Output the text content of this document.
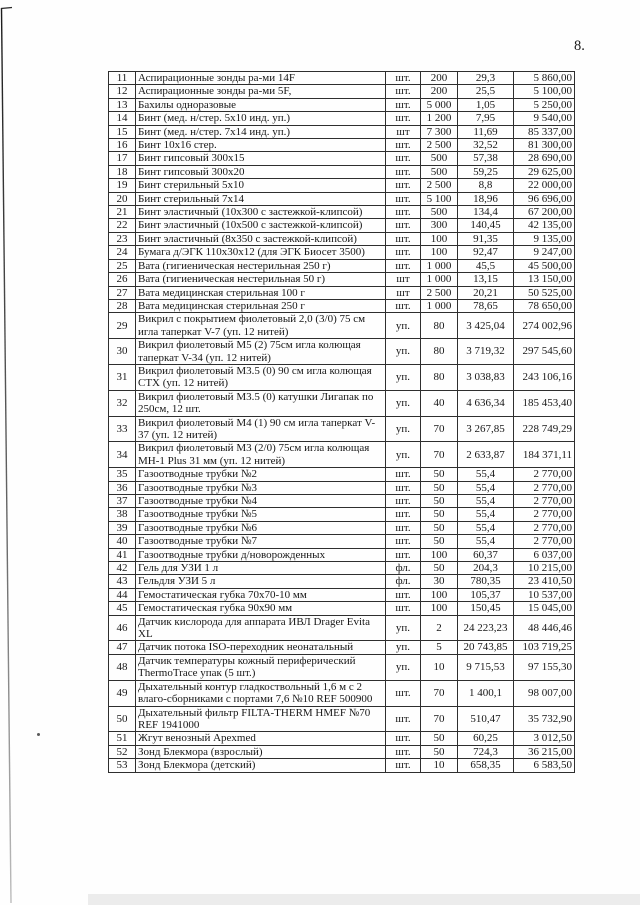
8.
11	Аспирационные зонды ра-ми 14F	шт.	200	29,3	5 860,00
12	Аспирационные зонды ра-ми 5F,	шт.	200	25,5	5 100,00
13	Бахилы одноразовые	шт.	5 000	1,05	5 250,00
14	Бинт (мед. н/стер. 5х10 инд. уп.)	шт.	1 200	7,95	9 540,00
15	Бинт (мед. н/стер. 7х14 инд. уп.)	шт	7 300	11,69	85 337,00
16	Бинт 10х16 стер.	шт.	2 500	32,52	81 300,00
17	Бинт гипсовый 300х15	шт.	500	57,38	28 690,00
18	Бинт гипсовый 300х20	шт.	500	59,25	29 625,00
19	Бинт стерильный 5х10	шт.	2 500	8,8	22 000,00
20	Бинт стерильный 7х14	шт.	5 100	18,96	96 696,00
21	Бинт эластичный (10х300 с застежкой-клипсой)	шт.	500	134,4	67 200,00
22	Бинт эластичный (10х500 с застежкой-клипсой)	шт.	300	140,45	42 135,00
23	Бинт эластичный (8х350 с застежкой-клипсой)	шт.	100	91,35	9 135,00
24	Бумага д/ЭГК 110х30х12 (для ЭГК Биосет 3500)	шт.	100	92,47	9 247,00
25	Вата (гигиеническая нестерильная 250 г)	шт.	1 000	45,5	45 500,00
26	Вата (гигиеническая нестерильная 50 г)	шт	1 000	13,15	13 150,00
27	Вата медицинская стерильная 100 г	шт	2 500	20,21	50 525,00
28	Вата медицинская стерильная 250 г	шт.	1 000	78,65	78 650,00
29	Викрил с покрытием фиолетовый 2,0 (3/0) 75 см игла таперкат V-7 (уп. 12 нитей)	уп.	80	3 425,04	274 002,96
30	Викрил фиолетовый М5 (2) 75см игла колющая таперкат V-34 (уп. 12 нитей)	уп.	80	3 719,32	297 545,60
31	Викрил фиолетовый М3.5 (0) 90 см игла колющая СТХ (уп. 12 нитей)	уп.	80	3 038,83	243 106,16
32	Викрил фиолетовый М3.5 (0) катушки Лигапак по 250см, 12 шт.	уп.	40	4 636,34	185 453,40
33	Викрил фиолетовый М4 (1) 90 см игла таперкат V-37 (уп. 12 нитей)	уп.	70	3 267,85	228 749,29
34	Викрил фиолетовый М3 (2/0) 75см игла колющая МН-1 Plus 31 мм (уп. 12 нитей)	уп.	70	2 633,87	184 371,11
35	Газоотводные трубки №2	шт.	50	55,4	2 770,00
36	Газоотводные трубки №3	шт.	50	55,4	2 770,00
37	Газоотводные трубки №4	шт.	50	55,4	2 770,00
38	Газоотводные трубки №5	шт.	50	55,4	2 770,00
39	Газоотводные трубки №6	шт.	50	55,4	2 770,00
40	Газоотводные трубки №7	шт.	50	55,4	2 770,00
41	Газоотводные трубки д/новорожденных	шт.	100	60,37	6 037,00
42	Гель для УЗИ 1 л	фл.	50	204,3	10 215,00
43	Гельдля УЗИ 5 л	фл.	30	780,35	23 410,50
44	Гемостатическая губка 70х70-10 мм	шт.	100	105,37	10 537,00
45	Гемостатическая губка 90х90 мм	шт.	100	150,45	15 045,00
46	Датчик кислорода для аппарата ИВЛ Drager Evita XL	уп.	2	24 223,23	48 446,46
47	Датчик потока ISO-переходник неонатальный	уп.	5	20 743,85	103 719,25
48	Датчик температуры кожный периферический ThermoTrace упак (5 шт.)	уп.	10	9 715,53	97 155,30
49	Дыхательный контур гладкоствольный 1,6 м с 2 влаго-сборниками с портами 7,6 №10 REF 500900	шт.	70	1 400,1	98 007,00
50	Дыхательный фильтр FILTA-THERM HMEF №70 REF 1941000	шт.	70	510,47	35 732,90
51	Жгут венозный Apexmed	шт.	50	60,25	3 012,50
52	Зонд Блекмора (взрослый)	шт.	50	724,3	36 215,00
53	Зонд Блекмора (детский)	шт.	10	658,35	6 583,50
